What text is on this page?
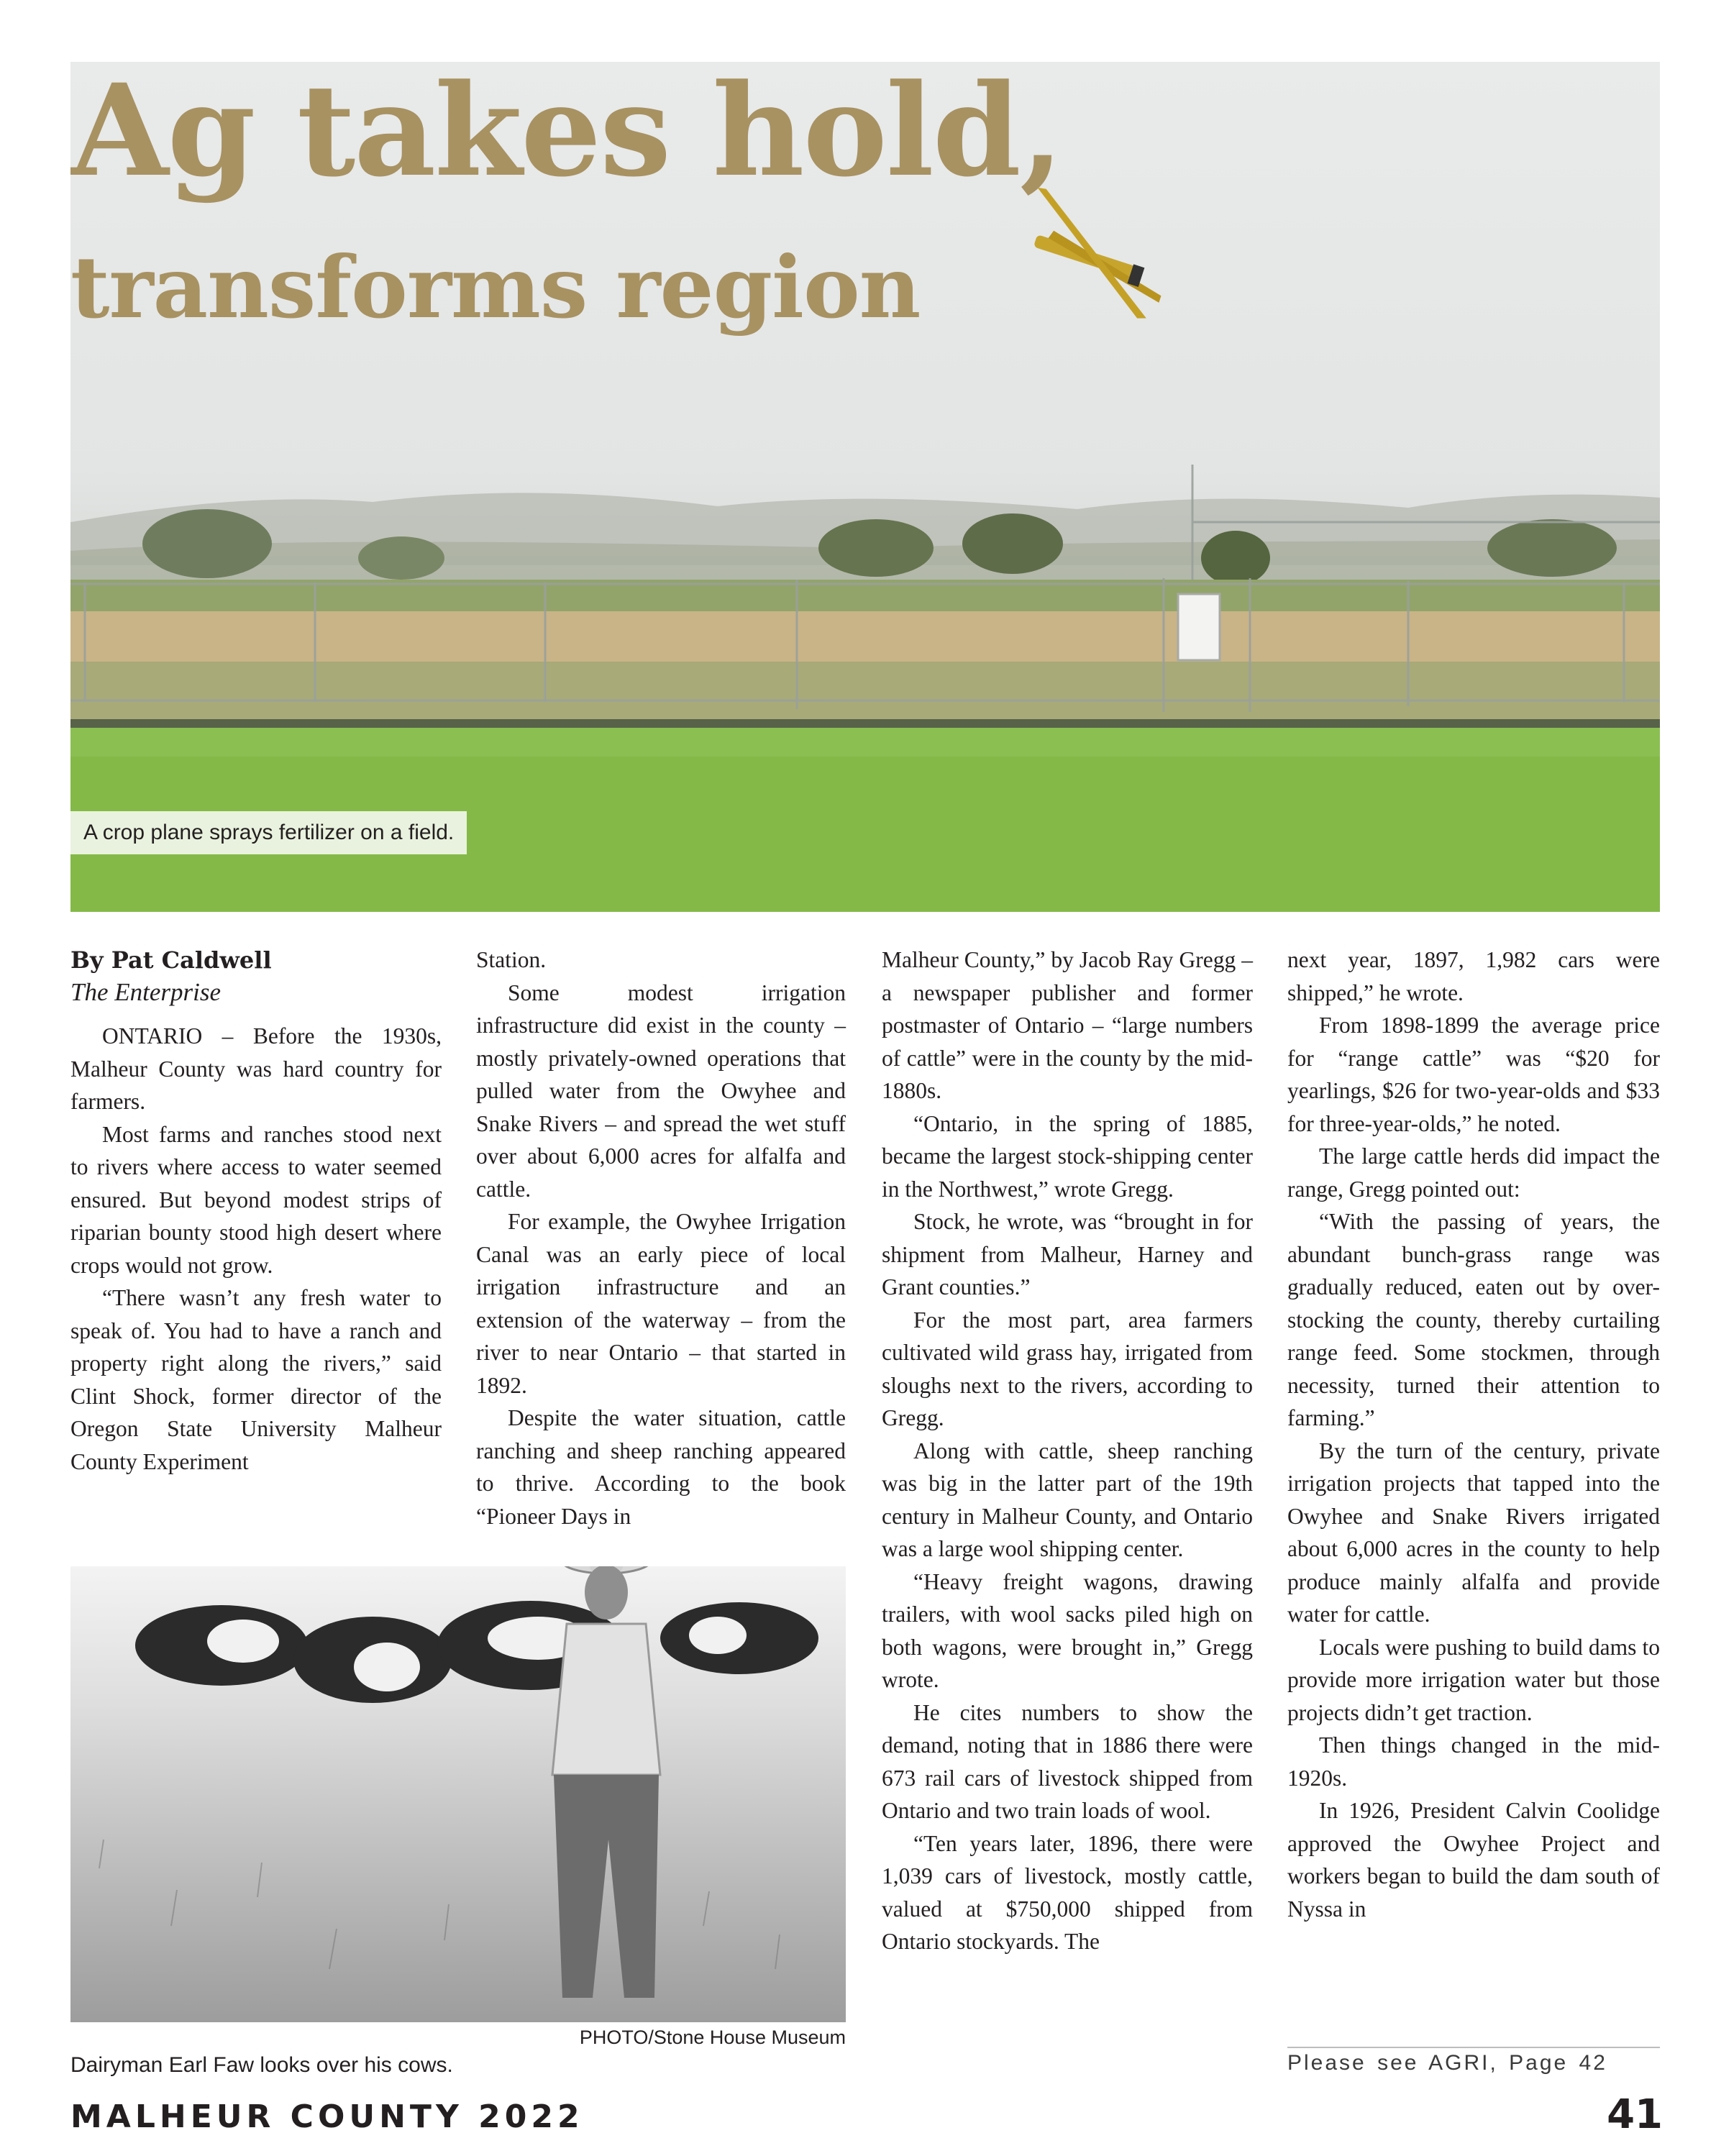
Ag takes hold,
transforms region
A crop plane sprays fertilizer on a field.
By Pat Caldwell
The Enterprise

ONTARIO – Before the 1930s, Malheur County was hard country for farmers.

Most farms and ranches stood next to rivers where access to water seemed ensured. But beyond modest strips of riparian bounty stood high desert where crops would not grow.

“There wasn’t any fresh water to speak of. You had to have a ranch and property right along the rivers,” said Clint Shock, former director of the Oregon State University Malheur County Experiment

Station.

Some modest irrigation infrastructure did exist in the county – mostly privately-owned operations that pulled water from the Owyhee and Snake Rivers – and spread the wet stuff over about 6,000 acres for alfalfa and cattle.

For example, the Owyhee Irrigation Canal was an early piece of local irrigation infrastructure and an extension of the waterway – from the river to near Ontario – that started in 1892.

Despite the water situation, cattle ranching and sheep ranching appeared to thrive. According to the book “Pioneer Days in

Malheur County,” by Jacob Ray Gregg – a newspaper publisher and former postmaster of Ontario – “large numbers of cattle” were in the county by the mid-1880s.

“Ontario, in the spring of 1885, became the largest stock-shipping center in the Northwest,” wrote Gregg.

Stock, he wrote, was “brought in for shipment from Malheur, Harney and Grant counties.”

For the most part, area farmers cultivated wild grass hay, irrigated from sloughs next to the rivers, according to Gregg.

Along with cattle, sheep ranching was big in the latter part of the 19th century in Malheur County, and Ontario was a large wool shipping center.

“Heavy freight wagons, drawing trailers, with wool sacks piled high on both wagons, were brought in,” Gregg wrote.

He cites numbers to show the demand, noting that in 1886 there were 673 rail cars of livestock shipped from Ontario and two train loads of wool.

“Ten years later, 1896, there were 1,039 cars of livestock, mostly cattle, valued at $750,000 shipped from Ontario stockyards. The

next year, 1897, 1,982 cars were shipped,” he wrote.

From 1898-1899 the average price for “range cattle” was “$20 for yearlings, $26 for two-year-olds and $33 for three-year-olds,” he noted.

The large cattle herds did impact the range, Gregg pointed out:

“With the passing of years, the abundant bunch-grass range was gradually reduced, eaten out by over-stocking the county, thereby curtailing range feed. Some stockmen, through necessity, turned their attention to farming.”

By the turn of the century, private irrigation projects that tapped into the Owyhee and Snake Rivers irrigated about 6,000 acres in the county to help produce mainly alfalfa and provide water for cattle.

Locals were pushing to build dams to provide more irrigation water but those projects didn’t get traction.

Then things changed in the mid-1920s.

In 1926, President Calvin Coolidge approved the Owyhee Project and workers began to build the dam south of Nyssa in

PHOTO/Stone House Museum
Dairyman Earl Faw looks over his cows.	Please see AGRI, Page 42
MALHEUR COUNTY 2022	41
